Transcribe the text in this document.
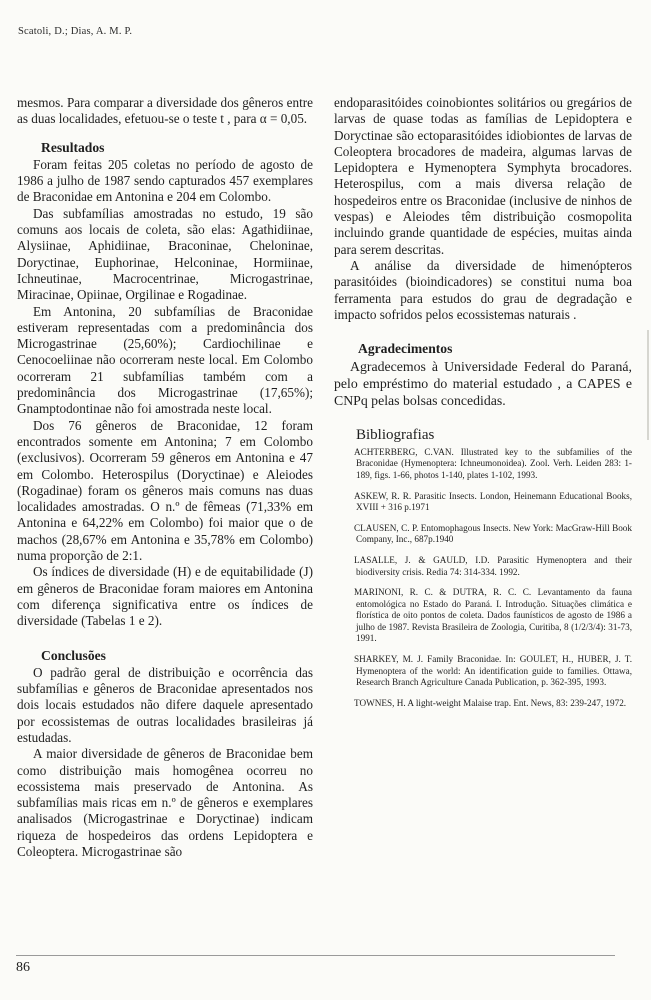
Scatoli, D.; Dias, A. M. P.

mesmos. Para comparar a diversidade dos gêneros entre as duas localidades, efetuou-se o teste t , para α = 0,05.

Resultados

Foram feitas 205 coletas no período de agosto de 1986 a julho de 1987 sendo capturados 457 exemplares de Braconidae em Antonina e 204 em Colombo.

Das subfamílias amostradas no estudo, 19 são comuns aos locais de coleta, são elas: Agathidiinae, Alysiinae, Aphidiinae, Braconinae, Cheloninae, Doryctinae, Euphorinae, Helconinae, Hormiinae, Ichneutinae, Macrocentrinae, Microgastrinae, Miracinae, Opiinae, Orgilinae e Rogadinae.

Em Antonina, 20 subfamílias de Braconidae estiveram representadas com a predominância dos Microgastrinae (25,60%); Cardiochilinae e Cenocoeliinae não ocorreram neste local. Em Colombo ocorreram 21 subfamílias também com a predominância dos Microgastrinae (17,65%); Gnamptodontinae não foi amostrada neste local.

Dos 76 gêneros de Braconidae, 12 foram encontrados somente em Antonina; 7 em Colombo (exclusivos). Ocorreram 59 gêneros em Antonina e 47 em Colombo. Heterospilus (Doryctinae) e Aleiodes (Rogadinae) foram os gêneros mais comuns nas duas localidades amostradas. O n.º de fêmeas (71,33% em Antonina e 64,22% em Colombo) foi maior que o de machos (28,67% em Antonina e 35,78% em Colombo) numa proporção de 2:1.

Os índices de diversidade (H) e de equitabilidade (J) em gêneros de Braconidae foram maiores em Antonina com diferença significativa entre os índices de diversidade (Tabelas 1 e 2).

Conclusões

O padrão geral de distribuição e ocorrência das subfamílias e gêneros de Braconidae apresentados nos dois locais estudados não difere daquele apresentado por ecossistemas de outras localidades brasileiras já estudadas.

A maior diversidade de gêneros de Braconidae bem como distribuição mais homogênea ocorreu no ecossistema mais preservado de Antonina. As subfamílias mais ricas em n.º de gêneros e exemplares analisados (Microgastrinae e Doryctinae) indicam riqueza de hospedeiros das ordens Lepidoptera e Coleoptera. Microgastrinae são

endoparasitóides coinobiontes solitários ou gregários de larvas de quase todas as famílias de Lepidoptera e Doryctinae são ectoparasitóides idiobiontes de larvas de Coleoptera brocadores de madeira, algumas larvas de Lepidoptera e Hymenoptera Symphyta brocadores. Heterospilus, com a mais diversa relação de hospedeiros entre os Braconidae (inclusive de ninhos de vespas) e Aleiodes têm distribuição cosmopolita incluindo grande quantidade de espécies, muitas ainda para serem descritas.

A análise da diversidade de himenópteros parasitóides (bioindicadores) se constitui numa boa ferramenta para estudos do grau de degradação e impacto sofridos pelos ecossistemas naturais .

Agradecimentos

Agradecemos à Universidade Federal do Paraná, pelo empréstimo do material estudado , a CAPES e CNPq pelas bolsas concedidas.

Bibliografias
ACHTERBERG, C.VAN. Illustrated key to the subfamilies of the Braconidae (Hymenoptera: Ichneumonoidea). Zool. Verh. Leiden 283: 1-189, figs. 1-66, photos 1-140, plates 1-102, 1993.
ASKEW, R. R. Parasitic Insects. London, Heinemann Educational Books, XVIII + 316 p.1971
CLAUSEN, C. P. Entomophagous Insects. New York: MacGraw-Hill Book Company, Inc., 687p.1940
LASALLE, J. & GAULD, I.D. Parasitic Hymenoptera and their biodiversity crisis. Redia 74: 314-334. 1992.
MARINONI, R. C. & DUTRA, R. C. C. Levantamento da fauna entomológica no Estado do Paraná. I. Introdução. Situações climática e florística de oito pontos de coleta. Dados faunísticos de agosto de 1986 a julho de 1987. Revista Brasileira de Zoologia, Curitiba, 8 (1/2/3/4): 31-73, 1991.
SHARKEY, M. J. Family Braconidae. In: GOULET, H., HUBER, J. T. Hymenoptera of the world: An identification guide to families. Ottawa, Research Branch Agriculture Canada Publication, p. 362-395, 1993.
TOWNES, H. A light-weight Malaise trap. Ent. News, 83: 239-247, 1972.
86
